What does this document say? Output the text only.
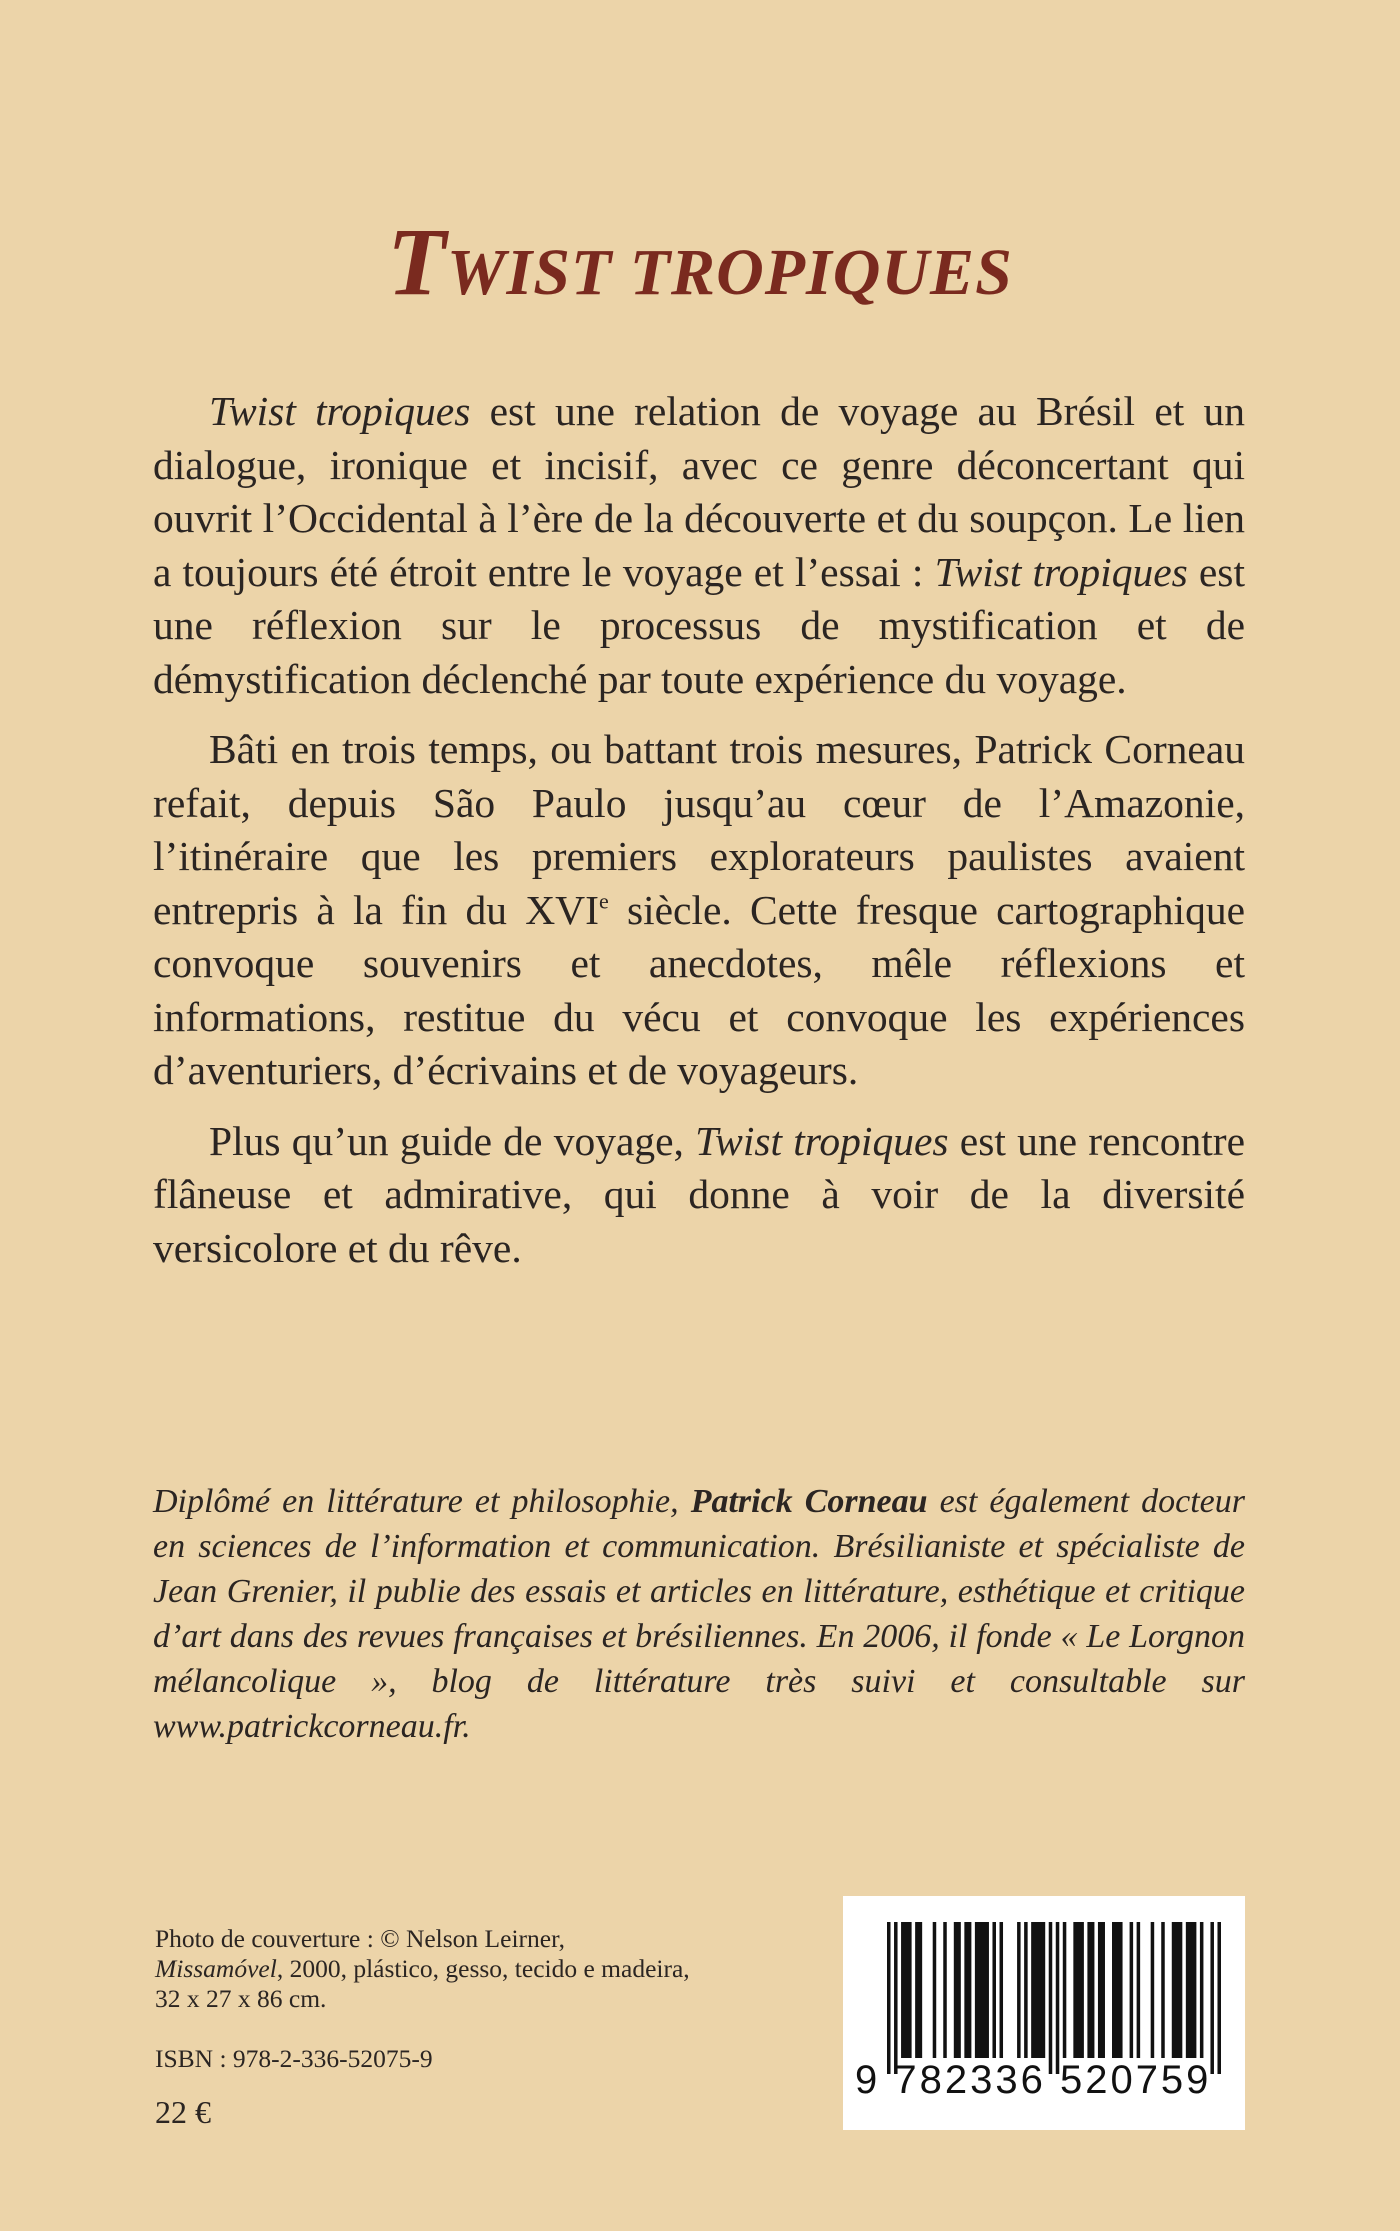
TWIST TROPIQUES

Twist tropiques est une relation de voyage au Brésil et un dialogue, ironique et incisif, avec ce genre déconcertant qui ouvrit l’Occidental à l’ère de la découverte et du soupçon. Le lien a toujours été étroit entre le voyage et l’essai : Twist tropiques est une réflexion sur le processus de mystification et de démystification déclenché par toute expérience du voyage.

Bâti en trois temps, ou battant trois mesures, Patrick Corneau refait, depuis São Paulo jusqu’au cœur de l’Amazonie, l’itinéraire que les premiers explorateurs paulistes avaient entrepris à la fin du XVIe siècle. Cette fresque cartographique convoque souvenirs et anecdotes, mêle réflexions et informations, restitue du vécu et convoque les expériences d’aventuriers, d’écrivains et de voyageurs.

Plus qu’un guide de voyage, Twist tropiques est une rencontre flâneuse et admirative, qui donne à voir de la diversité versicolore et du rêve.

Diplômé en littérature et philosophie, Patrick Corneau est également docteur en sciences de l’information et communication. Brésilianiste et spécialiste de Jean Grenier, il publie des essais et articles en littérature, esthétique et critique d’art dans des revues françaises et brésiliennes. En 2006, il fonde « Le Lorgnon mélancolique », blog de littérature très suivi et consultable sur www.patrickcorneau.fr.

Photo de couverture : © Nelson Leirner,
Missamóvel, 2000, plástico, gesso, tecido e madeira,
32 x 27 x 86 cm.
ISBN : 978-2-336-52075-9
22 €
9 782336 520759
